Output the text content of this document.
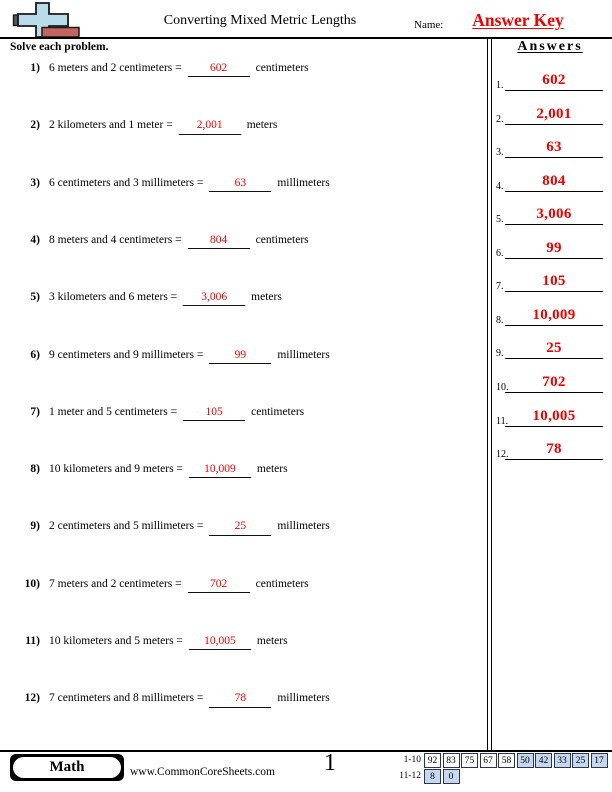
Converting Mixed Metric Lengths	Name:	Answer Key
Solve each problem.
1) 6 meters and 2 centimeters = 602 centimeters
2) 2 kilometers and 1 meter = 2,001 meters
3) 6 centimeters and 3 millimeters =	63	millimeters
4) 8 meters and 4 centimeters = 804 centimeters
5) 3 kilometers and 6 meters = 3,006 meters
6) 9 centimeters and 9 millimeters =	99	millimeters
7) 1 meter and 5 centimeters = 105 centimeters
8) 10 kilometers and 9 meters = 10,009 meters
9) 2 centimeters and 5 millimeters =	25	millimeters
10) 7 meters and 2 centimeters = 702 centimeters
11) 10 kilometers and 5 meters = 10,005 meters
12) 7 centimeters and 8 millimeters =	78	millimeters
Answers
1.	602
2.	2,001
3.	63
4.	804
5.	3,006
6.	99
7.	105
8.	10,009
9.	25
10.	702
11.	10,005
12.	78
Math	www.CommonCoreSheets.com	1	1-10 92 83 75 67 58 50 42 33 25 17
11-12 8	0
